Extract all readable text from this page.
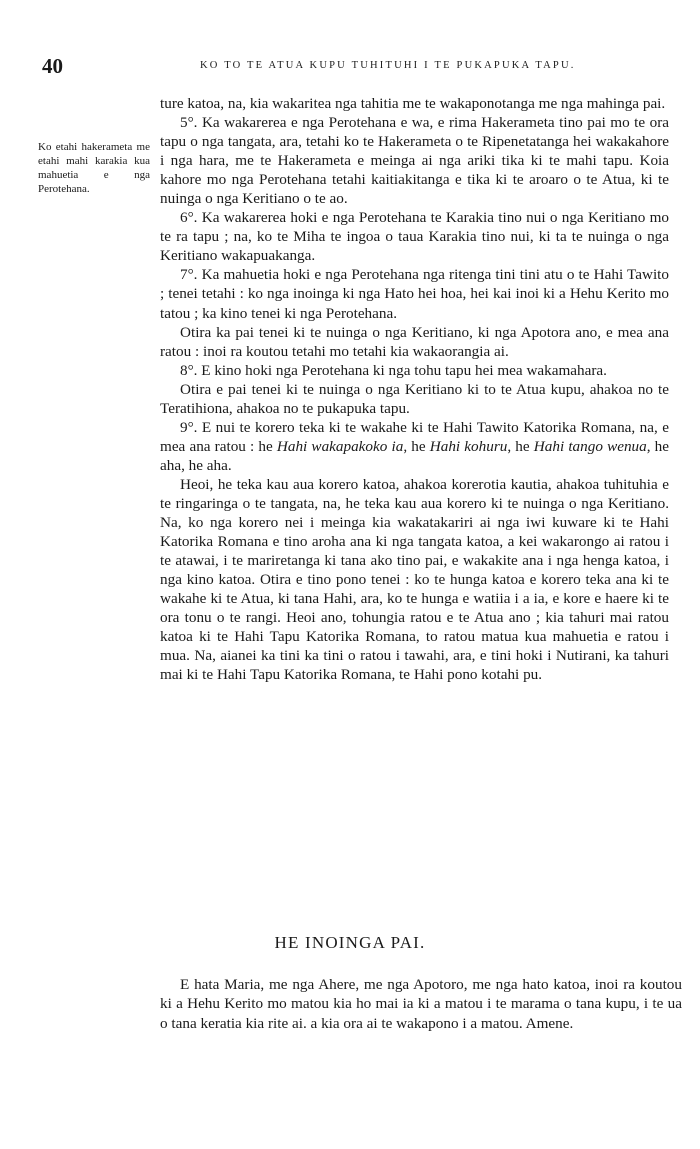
40	KO TO TE ATUA KUPU TUHITUHI I TE PUKAPUKA TAPU.
Ko etahi hakerameta me etahi mahi karakia kua mahuetia e nga Perotehana.

ture katoa, na, kia wakaritea nga tahitia me te wakaponotanga me nga mahinga pai.

5°. Ka wakarerea e nga Perotehana e wa, e rima Hakerameta tino pai mo te ora tapu o nga tangata, ara, tetahi ko te Hakerameta o te Ripenetatanga hei wakakahore i nga hara, me te Hakerameta e meinga ai nga ariki tika ki te mahi tapu. Koia kahore mo nga Perotehana tetahi kaitiakitanga e tika ki te aroaro o te Atua, ki te nuinga o nga Keritiano o te ao.

6°. Ka wakarerea hoki e nga Perotehana te Karakia tino nui o nga Keritiano mo te ra tapu ; na, ko te Miha te ingoa o taua Karakia tino nui, ki ta te nuinga o nga Keritiano wakapuakanga.

7°. Ka mahuetia hoki e nga Perotehana nga ritenga tini tini atu o te Hahi Tawito ; tenei tetahi : ko nga inoinga ki nga Hato hei hoa, hei kai inoi ki a Hehu Kerito mo tatou ; ka kino tenei ki nga Perotehana.

Otira ka pai tenei ki te nuinga o nga Keritiano, ki nga Apotora ano, e mea ana ratou : inoi ra koutou tetahi mo tetahi kia wakaorangia ai.

8°. E kino hoki nga Perotehana ki nga tohu tapu hei mea wakamahara.

Otira e pai tenei ki te nuinga o nga Keritiano ki to te Atua kupu, ahakoa no te Teratihiona, ahakoa no te pukapuka tapu.

9°. E nui te korero teka ki te wakahe ki te Hahi Tawito Katorika Romana, na, e mea ana ratou : he Hahi wakapakoko ia, he Hahi kohuru, he Hahi tango wenua, he aha, he aha.

Heoi, he teka kau aua korero katoa, ahakoa korerotia kautia, ahakoa tuhituhia e te ringaringa o te tangata, na, he teka kau aua korero ki te nuinga o nga Keritiano. Na, ko nga korero nei i meinga kia wakatakariri ai nga iwi kuware ki te Hahi Katorika Romana e tino aroha ana ki nga tangata katoa, a kei wakarongo ai ratou i te atawai, i te mariretanga ki tana ako tino pai, e wakakite ana i nga henga katoa, i nga kino katoa. Otira e tino pono tenei : ko te hunga katoa e korero teka ana ki te wakahe ki te Atua, ki tana Hahi, ara, ko te hunga e watiia i a ia, e kore e haere ki te ora tonu o te rangi. Heoi ano, tohungia ratou e te Atua ano ; kia tahuri mai ratou katoa ki te Hahi Tapu Katorika Romana, to ratou matua kua mahuetia e ratou i mua. Na, aianei ka tini ka tini o ratou i tawahi, ara, e tini hoki i Nutirani, ka tahuri mai ki te Hahi Tapu Katorika Romana, te Hahi pono kotahi pu.

HE INOINGA PAI.

E hata Maria, me nga Ahere, me nga Apotoro, me nga hato katoa, inoi ra koutou ki a Hehu Kerito mo matou kia ho mai ia ki a matou i te marama o tana kupu, i te ua o tana keratia kia rite ai. a kia ora ai te wakapono i a matou. Amene.
